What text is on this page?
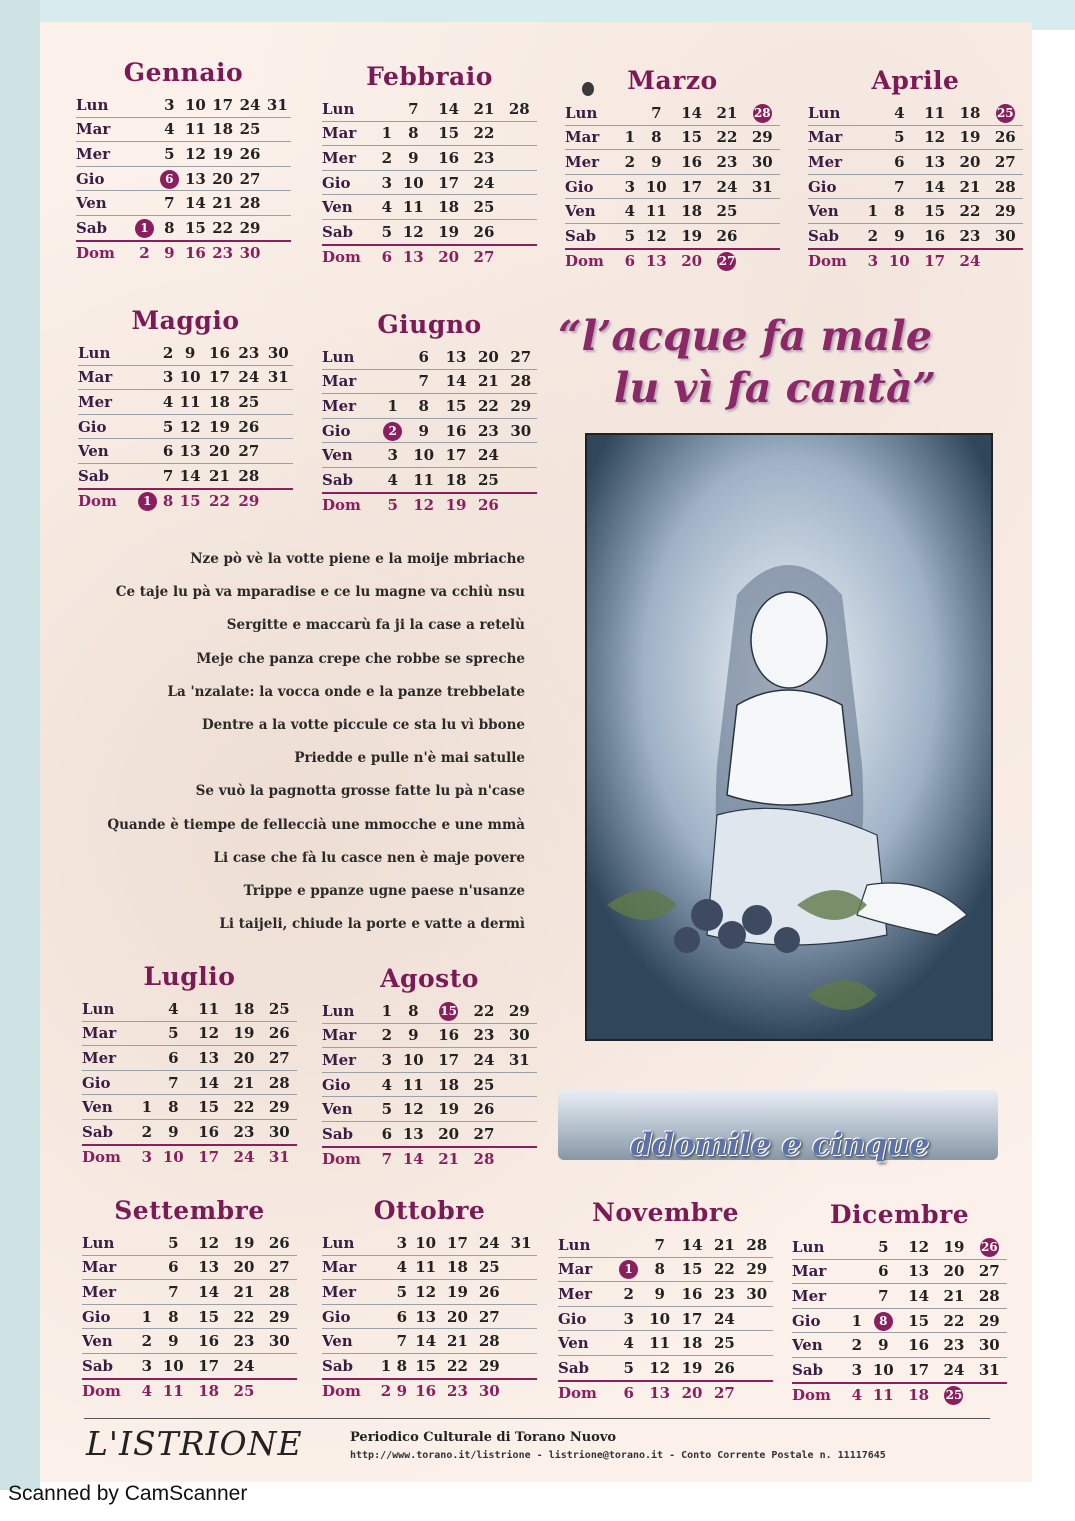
Gennaio
Lun		3	10	17	24	31
Mar		4	11	18	25	
Mer		5	12	19	26	
Gio		6	13	20	27	
Ven		7	14	21	28	
Sab	1	8	15	22	29	
Dom	2	9	16	23	30	
Febbraio
Lun		7	14	21	28
Mar	1	8	15	22	
Mer	2	9	16	23	
Gio	3	10	17	24	
Ven	4	11	18	25	
Sab	5	12	19	26	
Dom	6	13	20	27	
Marzo
Lun		7	14	21	28
Mar	1	8	15	22	29
Mer	2	9	16	23	30
Gio	3	10	17	24	31
Ven	4	11	18	25	
Sab	5	12	19	26	
Dom	6	13	20	27	
Aprile
Lun		4	11	18	25
Mar		5	12	19	26
Mer		6	13	20	27
Gio		7	14	21	28
Ven	1	8	15	22	29
Sab	2	9	16	23	30
Dom	3	10	17	24	
Maggio
Lun		2	9	16	23	30
Mar		3	10	17	24	31
Mer		4	11	18	25	
Gio		5	12	19	26	
Ven		6	13	20	27	
Sab		7	14	21	28	
Dom	1	8	15	22	29	
Giugno
Lun		6	13	20	27
Mar		7	14	21	28
Mer	1	8	15	22	29
Gio	2	9	16	23	30
Ven	3	10	17	24	
Sab	4	11	18	25	
Dom	5	12	19	26	
Luglio
Lun		4	11	18	25
Mar		5	12	19	26
Mer		6	13	20	27
Gio		7	14	21	28
Ven	1	8	15	22	29
Sab	2	9	16	23	30
Dom	3	10	17	24	31
Agosto
Lun	1	8	15	22	29
Mar	2	9	16	23	30
Mer	3	10	17	24	31
Gio	4	11	18	25	
Ven	5	12	19	26	
Sab	6	13	20	27	
Dom	7	14	21	28	
Settembre
Lun		5	12	19	26
Mar		6	13	20	27
Mer		7	14	21	28
Gio	1	8	15	22	29
Ven	2	9	16	23	30
Sab	3	10	17	24	
Dom	4	11	18	25	
Ottobre
Lun		3	10	17	24	31
Mar		4	11	18	25	
Mer		5	12	19	26	
Gio		6	13	20	27	
Ven		7	14	21	28	
Sab	1	8	15	22	29	
Dom	2	9	16	23	30	
Novembre
Lun		7	14	21	28
Mar	1	8	15	22	29
Mer	2	9	16	23	30
Gio	3	10	17	24	
Ven	4	11	18	25	
Sab	5	12	19	26	
Dom	6	13	20	27	
Dicembre
Lun		5	12	19	26
Mar		6	13	20	27
Mer		7	14	21	28
Gio	1	8	15	22	29
Ven	2	9	16	23	30
Sab	3	10	17	24	31
Dom	4	11	18	25	
“l’acque fa male
lu vì fa cantà”
Nze pò vè la votte piene e la moije mbriache
Ce taje lu pà va mparadise e ce lu magne va cchiù nsu
Sergitte e maccarù fa ji la case a retelù
Meje che panza crepe che robbe se spreche
La 'nzalate: la vocca onde e la panze trebbelate
Dentre a la votte piccule ce sta lu vì bbone
Priedde e pulle n'è mai satulle
Se vuò la pagnotta grosse fatte lu pà n'case
Quande è tiempe de felleccià une mmocche e une mmà
Li case che fà lu casce nen è maje povere
Trippe e ppanze ugne paese n'usanze
Li taijeli, chiude la porte e vatte a dermì
ddomile e cinque
L'ISTRIONE	Periodico Culturale di Torano Nuovo
http://www.torano.it/listrione - listrione@torano.it - Conto Corrente Postale n. 11117645
Scanned by CamScanner
